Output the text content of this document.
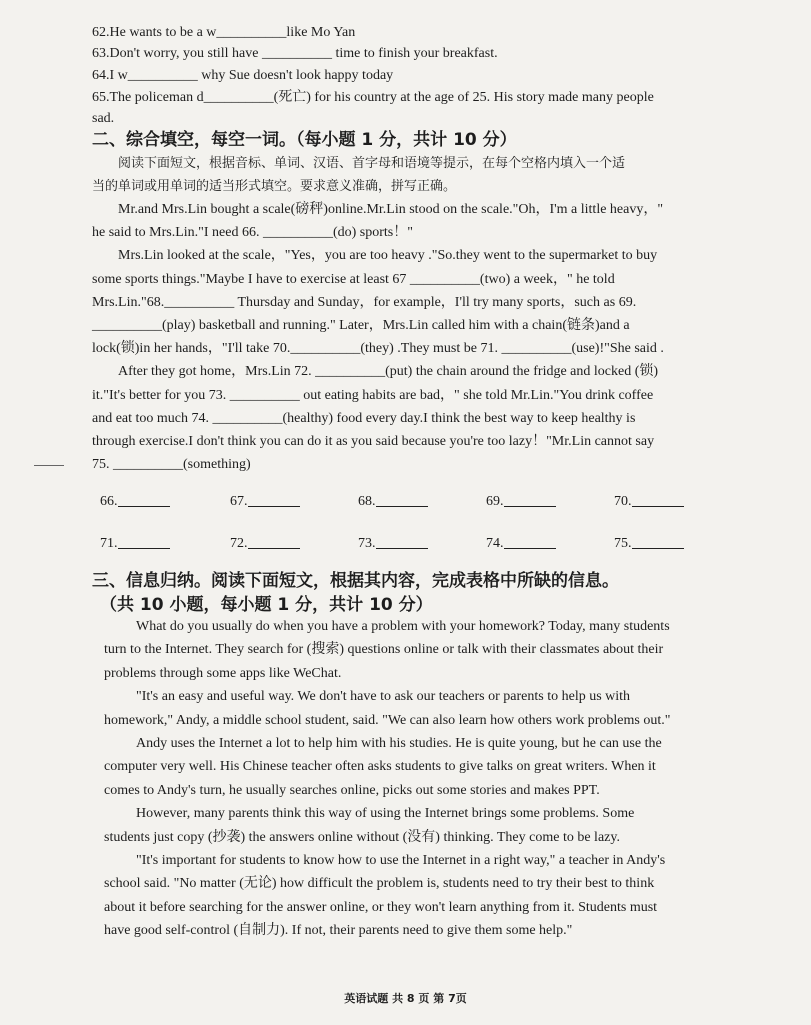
62.He wants to be a w__________like Mo Yan
63.Don't worry, you still have __________ time to finish your breakfast.
64.I w__________ why Sue doesn't look happy today
65.The policeman d__________(死亡) for his country at the age of 25. His story made many people
sad.
二、综合填空，每空一词。（每小题 1 分，共计 10 分）
阅读下面短文，根据音标、单词、汉语、首字母和语境等提示，在每个空格内填入一个适
当的单词或用单词的适当形式填空。要求意义准确，拼写正确。
Mr.and Mrs.Lin bought a scale(磅秤)online.Mr.Lin stood on the scale."Oh，I'm a little heavy，"
he said to Mrs.Lin."I need 66. __________(do) sports！"
Mrs.Lin looked at the scale，"Yes，you are too heavy ."So.they went to the supermarket to buy
some sports things."Maybe I have to exercise at least 67 __________(two) a week，" he told
Mrs.Lin."68.__________ Thursday and Sunday，for example，I'll try many sports，such as 69.
__________(play) basketball and running." Later，Mrs.Lin called him with a chain(链条)and a
lock(锁)in her hands，"I'll take 70.__________(they) .They must be 71. __________(use)!"She said .
After they got home，Mrs.Lin 72. __________(put) the chain around the fridge and locked (锁)
it."It's better for you 73. __________ out eating habits are bad，" she told Mr.Lin."You drink coffee
and eat too much 74. __________(healthy) food every day.I think the best way to keep healthy is
through exercise.I don't think you can do it as you said because you're too lazy！"Mr.Lin cannot say
75. __________(something)
66.	67.	68.	69.	70.
71.	72.	73.	74.	75.
三、信息归纳。阅读下面短文，根据其内容，完成表格中所缺的信息。
（共 10 小题，每小题 1 分，共计 10 分）
What do you usually do when you have a problem with your homework? Today, many students
turn to the Internet. They search for (搜索) questions online or talk with their classmates about their
problems through some apps like WeChat.
"It's an easy and useful way. We don't have to ask our teachers or parents to help us with
homework," Andy, a middle school student, said. "We can also learn how others work problems out."
Andy uses the Internet a lot to help him with his studies. He is quite young, but he can use the
computer very well. His Chinese teacher often asks students to give talks on great writers. When it
comes to Andy's turn, he usually searches online, picks out some stories and makes PPT.
However, many parents think this way of using the Internet brings some problems. Some
students just copy (抄袭) the answers online without (没有) thinking. They come to be lazy.
"It's important for students to know how to use the Internet in a right way," a teacher in Andy's
school said. "No matter (无论) how difficult the problem is, students need to try their best to think
about it before searching for the answer online, or they won't learn anything from it. Students must
have good self-control (自制力). If not, their parents need to give them some help."
英语试题 共 8 页 第 7页
